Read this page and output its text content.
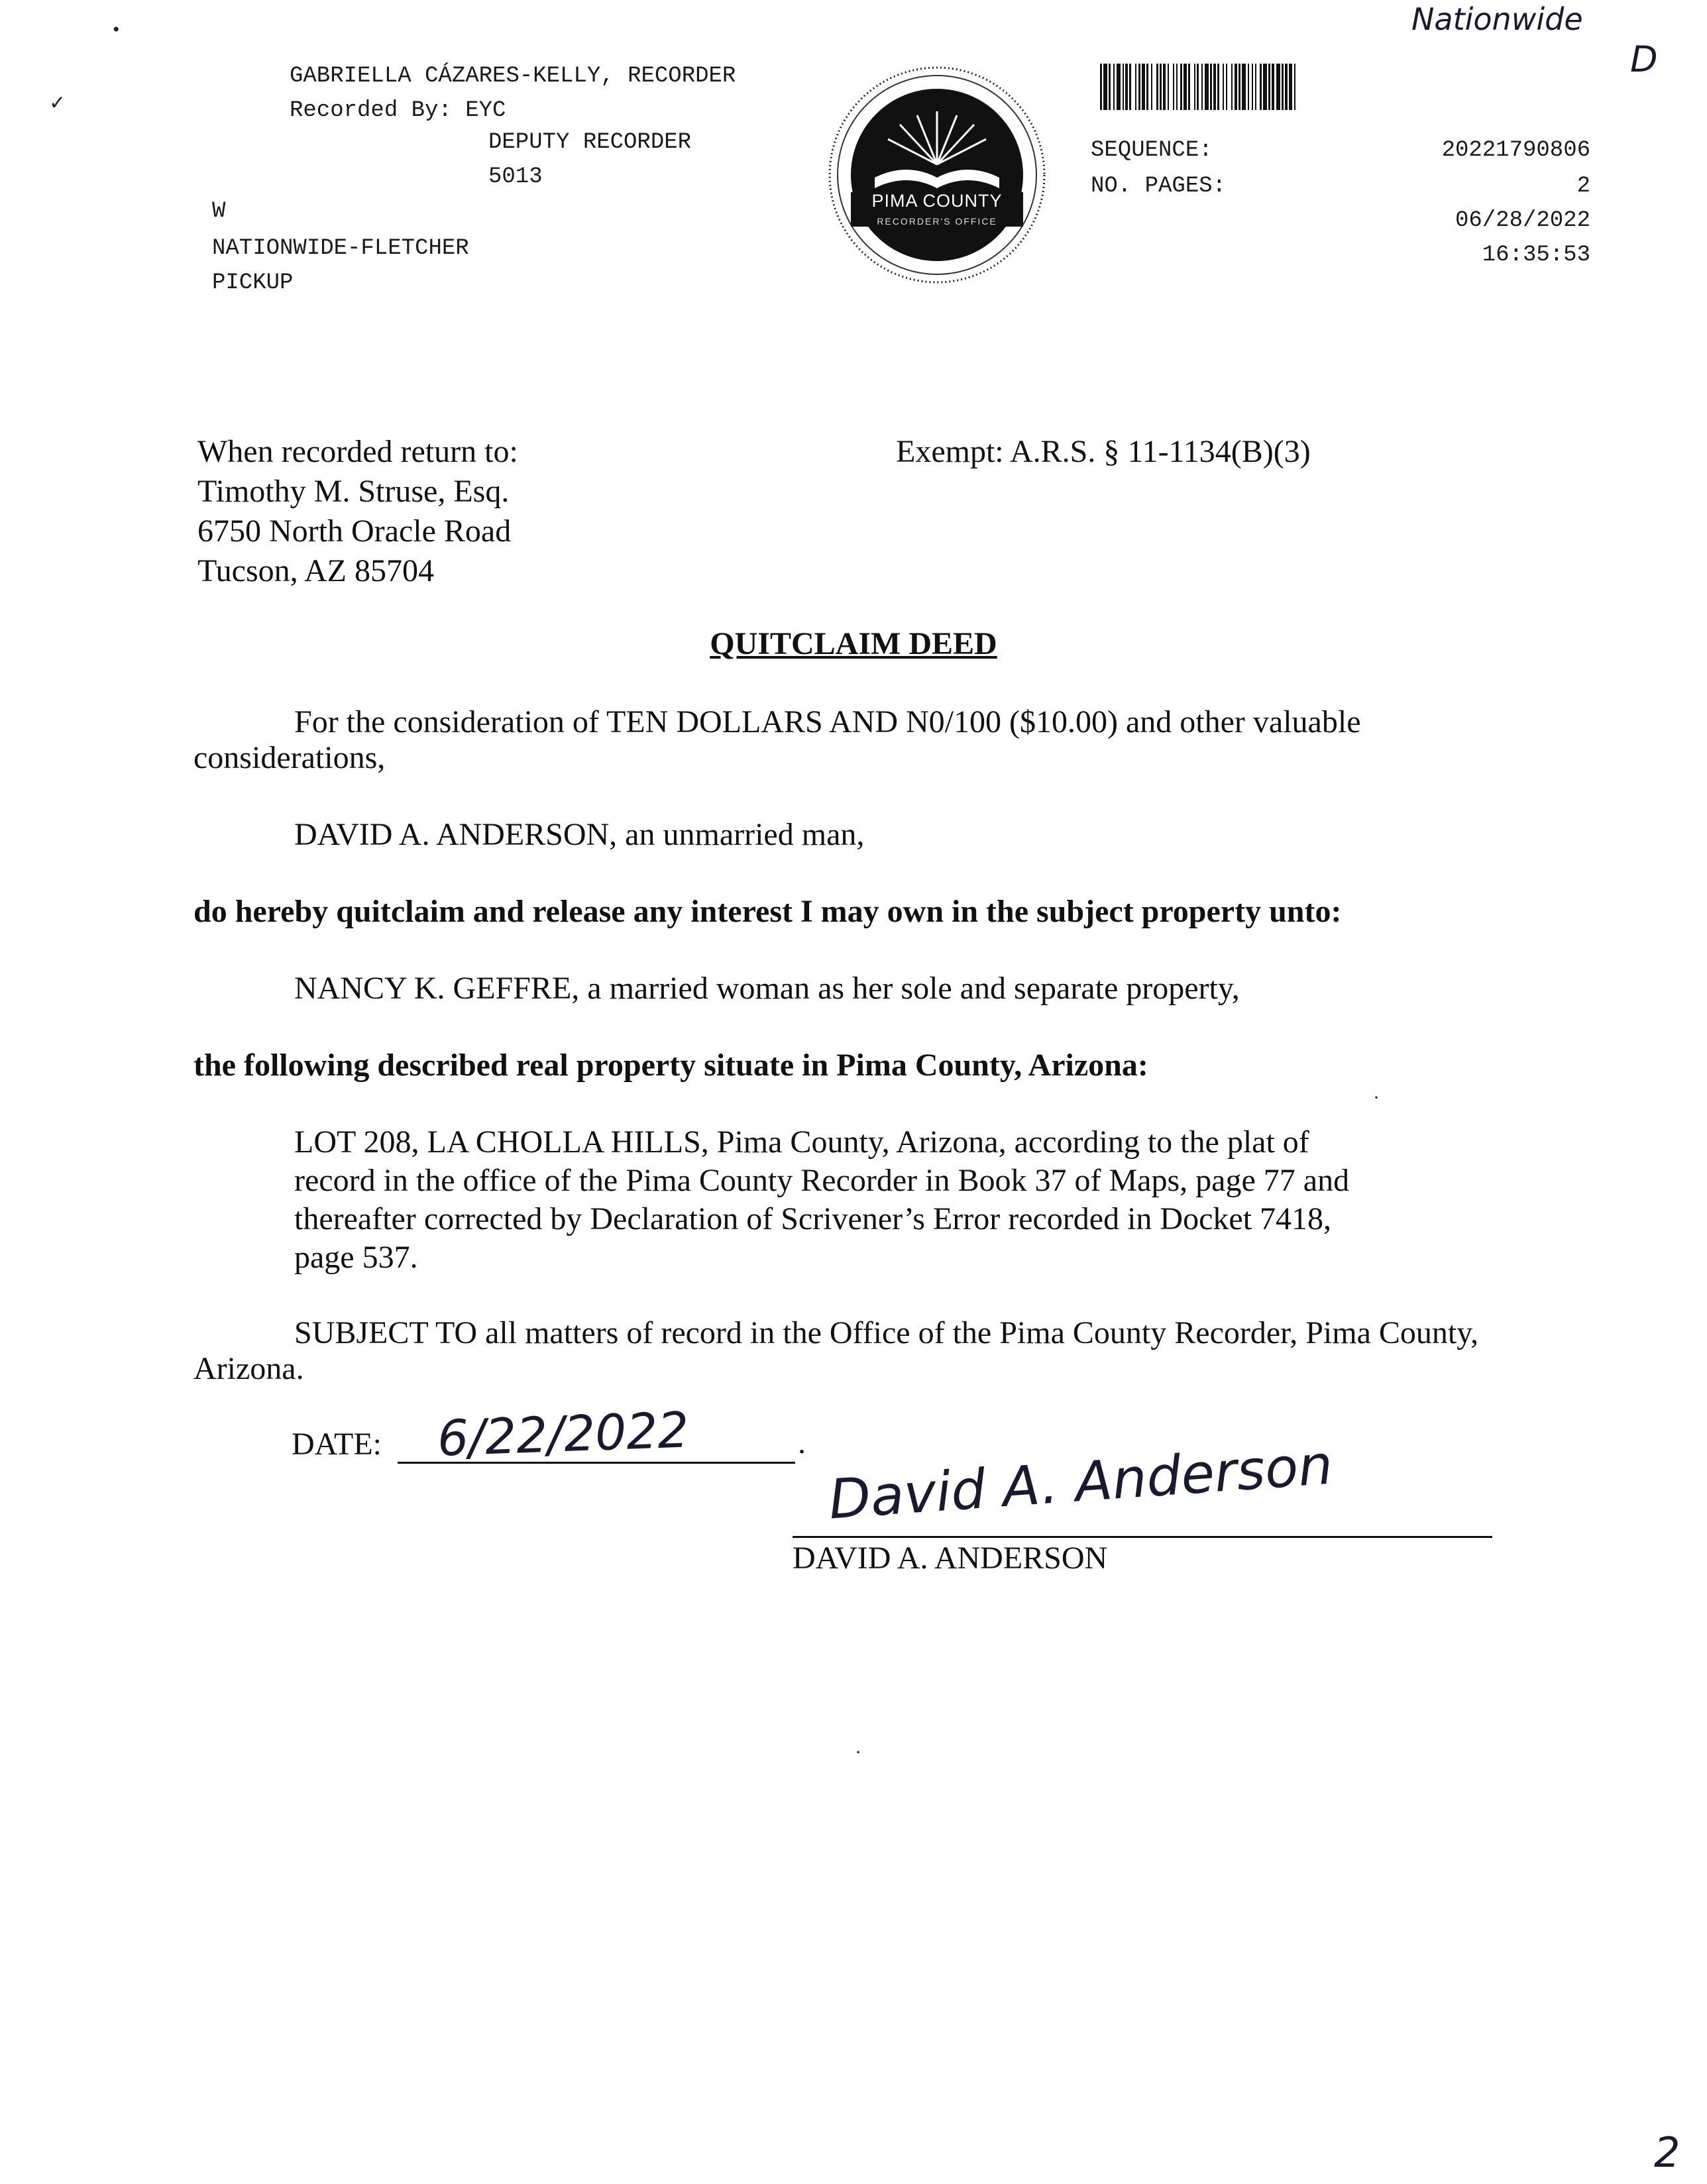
•
✓
GABRIELLA CÁZARES-KELLY, RECORDER
Recorded By: EYC
DEPUTY RECORDER
5013
W
NATIONWIDE-FLETCHER
PICKUP
PIMA COUNTY
RECORDER'S OFFICE
SEQUENCE:	20221790806
NO. PAGES:	2
06/28/2022
16:35:53
Nationwide
D
2
When recorded return to:
Timothy M. Struse, Esq.
6750 North Oracle Road
Tucson, AZ 85704
Exempt: A.R.S. § 11-1134(B)(3)
QUITCLAIM DEED
For the consideration of TEN DOLLARS AND N0/100 ($10.00) and other valuable
considerations,
DAVID A. ANDERSON, an unmarried man,
do hereby quitclaim and release any interest I may own in the subject property unto:
NANCY K. GEFFRE, a married woman as her sole and separate property,
the following described real property situate in Pima County, Arizona:
·
LOT 208, LA CHOLLA HILLS, Pima County, Arizona, according to the plat of
record in the office of the Pima County Recorder in Book 37 of Maps, page 77 and
thereafter corrected by Declaration of Scrivener’s Error recorded in Docket 7418,
page 537.
SUBJECT TO all matters of record in the Office of the Pima County Recorder, Pima County,
Arizona.
DATE:	.
6/22/2022	David A. Anderson
DAVID A. ANDERSON
·
